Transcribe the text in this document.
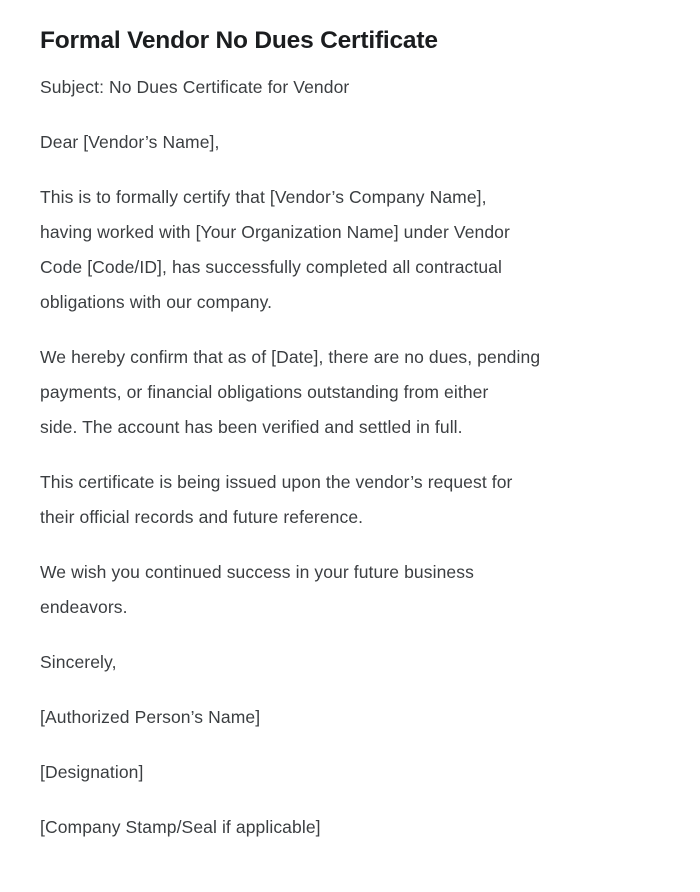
Formal Vendor No Dues Certificate

Subject: No Dues Certificate for Vendor

Dear [Vendor’s Name],

This is to formally certify that [Vendor’s Company Name],
having worked with [Your Organization Name] under Vendor
Code [Code/ID], has successfully completed all contractual
obligations with our company.

We hereby confirm that as of [Date], there are no dues, pending
payments, or financial obligations outstanding from either
side. The account has been verified and settled in full.

This certificate is being issued upon the vendor’s request for
their official records and future reference.

We wish you continued success in your future business
endeavors.

Sincerely,

[Authorized Person’s Name]

[Designation]

[Company Stamp/Seal if applicable]
